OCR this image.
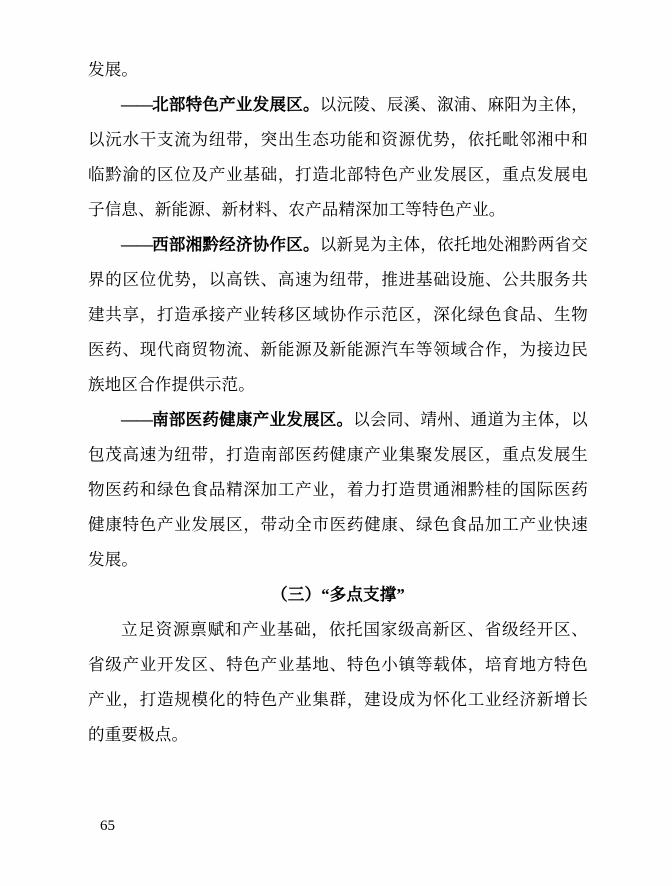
发展。

——北部特色产业发展区。以沅陵、辰溪、溆浦、麻阳为主体，以沅水干支流为纽带，突出生态功能和资源优势，依托毗邻湘中和临黔渝的区位及产业基础，打造北部特色产业发展区，重点发展电子信息、新能源、新材料、农产品精深加工等特色产业。

——西部湘黔经济协作区。以新晃为主体，依托地处湘黔两省交界的区位优势，以高铁、高速为纽带，推进基础设施、公共服务共建共享，打造承接产业转移区域协作示范区，深化绿色食品、生物医药、现代商贸物流、新能源及新能源汽车等领域合作，为接边民族地区合作提供示范。

——南部医药健康产业发展区。以会同、靖州、通道为主体，以包茂高速为纽带，打造南部医药健康产业集聚发展区，重点发展生物医药和绿色食品精深加工产业，着力打造贯通湘黔桂的国际医药健康特色产业发展区，带动全市医药健康、绿色食品加工产业快速发展。

（三）“多点支撑”

立足资源禀赋和产业基础，依托国家级高新区、省级经开区、省级产业开发区、特色产业基地、特色小镇等载体，培育地方特色产业，打造规模化的特色产业集群，建设成为怀化工业经济新增长的重要极点。

65
